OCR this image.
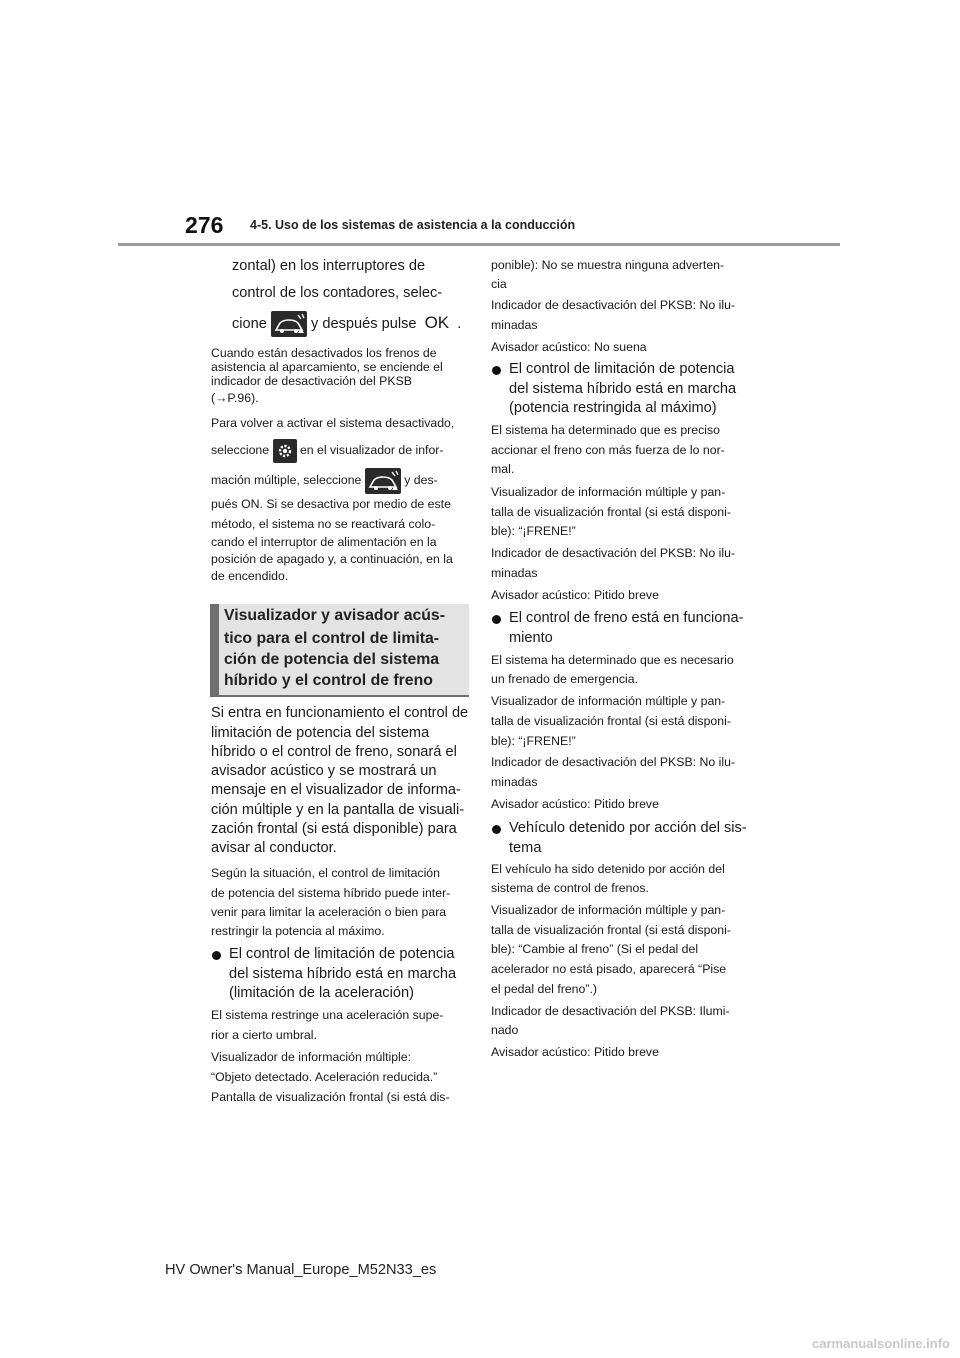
276 4-5. Uso de los sistemas de asistencia a la conducción
zontal) en los interruptores de
control de los contadores, selec-
cione	y después pulse OK .
Cuando están desactivados los frenos de
asistencia al aparcamiento, se enciende el
indicador de desactivación del PKSB
(→P.96).
Para volver a activar el sistema desactivado,
seleccione	en el visualizador de infor-
mación múltiple, seleccione	y des-
pués ON. Si se desactiva por medio de este
método, el sistema no se reactivará colo-
cando el interruptor de alimentación en la
posición de apagado y, a continuación, en la
de encendido.
Visualizador y avisador acús-
tico para el control de limita-
ción de potencia del sistema
híbrido y el control de freno
Si entra en funcionamiento el control de
limitación de potencia del sistema
híbrido o el control de freno, sonará el
avisador acústico y se mostrará un
mensaje en el visualizador de informa-
ción múltiple y en la pantalla de visuali-
zación frontal (si está disponible) para
avisar al conductor.
Según la situación, el control de limitación
de potencia del sistema híbrido puede inter-
venir para limitar la aceleración o bien para
restringir la potencia al máximo.
El control de limitación de potencia
del sistema híbrido está en marcha
(limitación de la aceleración)
El sistema restringe una aceleración supe-
rior a cierto umbral.
Visualizador de información múltiple:
“Objeto detectado. Aceleración reducida.”
Pantalla de visualización frontal (si está dis-
ponible): No se muestra ninguna adverten-
cia
Indicador de desactivación del PKSB: No ilu-
minadas
Avisador acústico: No suena
El control de limitación de potencia
del sistema híbrido está en marcha
(potencia restringida al máximo)
El sistema ha determinado que es preciso
accionar el freno con más fuerza de lo nor-
mal.
Visualizador de información múltiple y pan-
talla de visualización frontal (si está disponi-
ble): “¡FRENE!”
Indicador de desactivación del PKSB: No ilu-
minadas
Avisador acústico: Pitido breve
El control de freno está en funciona-
miento
El sistema ha determinado que es necesario
un frenado de emergencia.
Visualizador de información múltiple y pan-
talla de visualización frontal (si está disponi-
ble): “¡FRENE!”
Indicador de desactivación del PKSB: No ilu-
minadas
Avisador acústico: Pitido breve
Vehículo detenido por acción del sis-
tema
El vehículo ha sido detenido por acción del
sistema de control de frenos.
Visualizador de información múltiple y pan-
talla de visualización frontal (si está disponi-
ble): “Cambie al freno” (Si el pedal del
acelerador no está pisado, aparecerá “Pise
el pedal del freno”.)
Indicador de desactivación del PKSB: Ilumi-
nado
Avisador acústico: Pitido breve
HV Owner's Manual_Europe_M52N33_es
carmanualsonline.info
